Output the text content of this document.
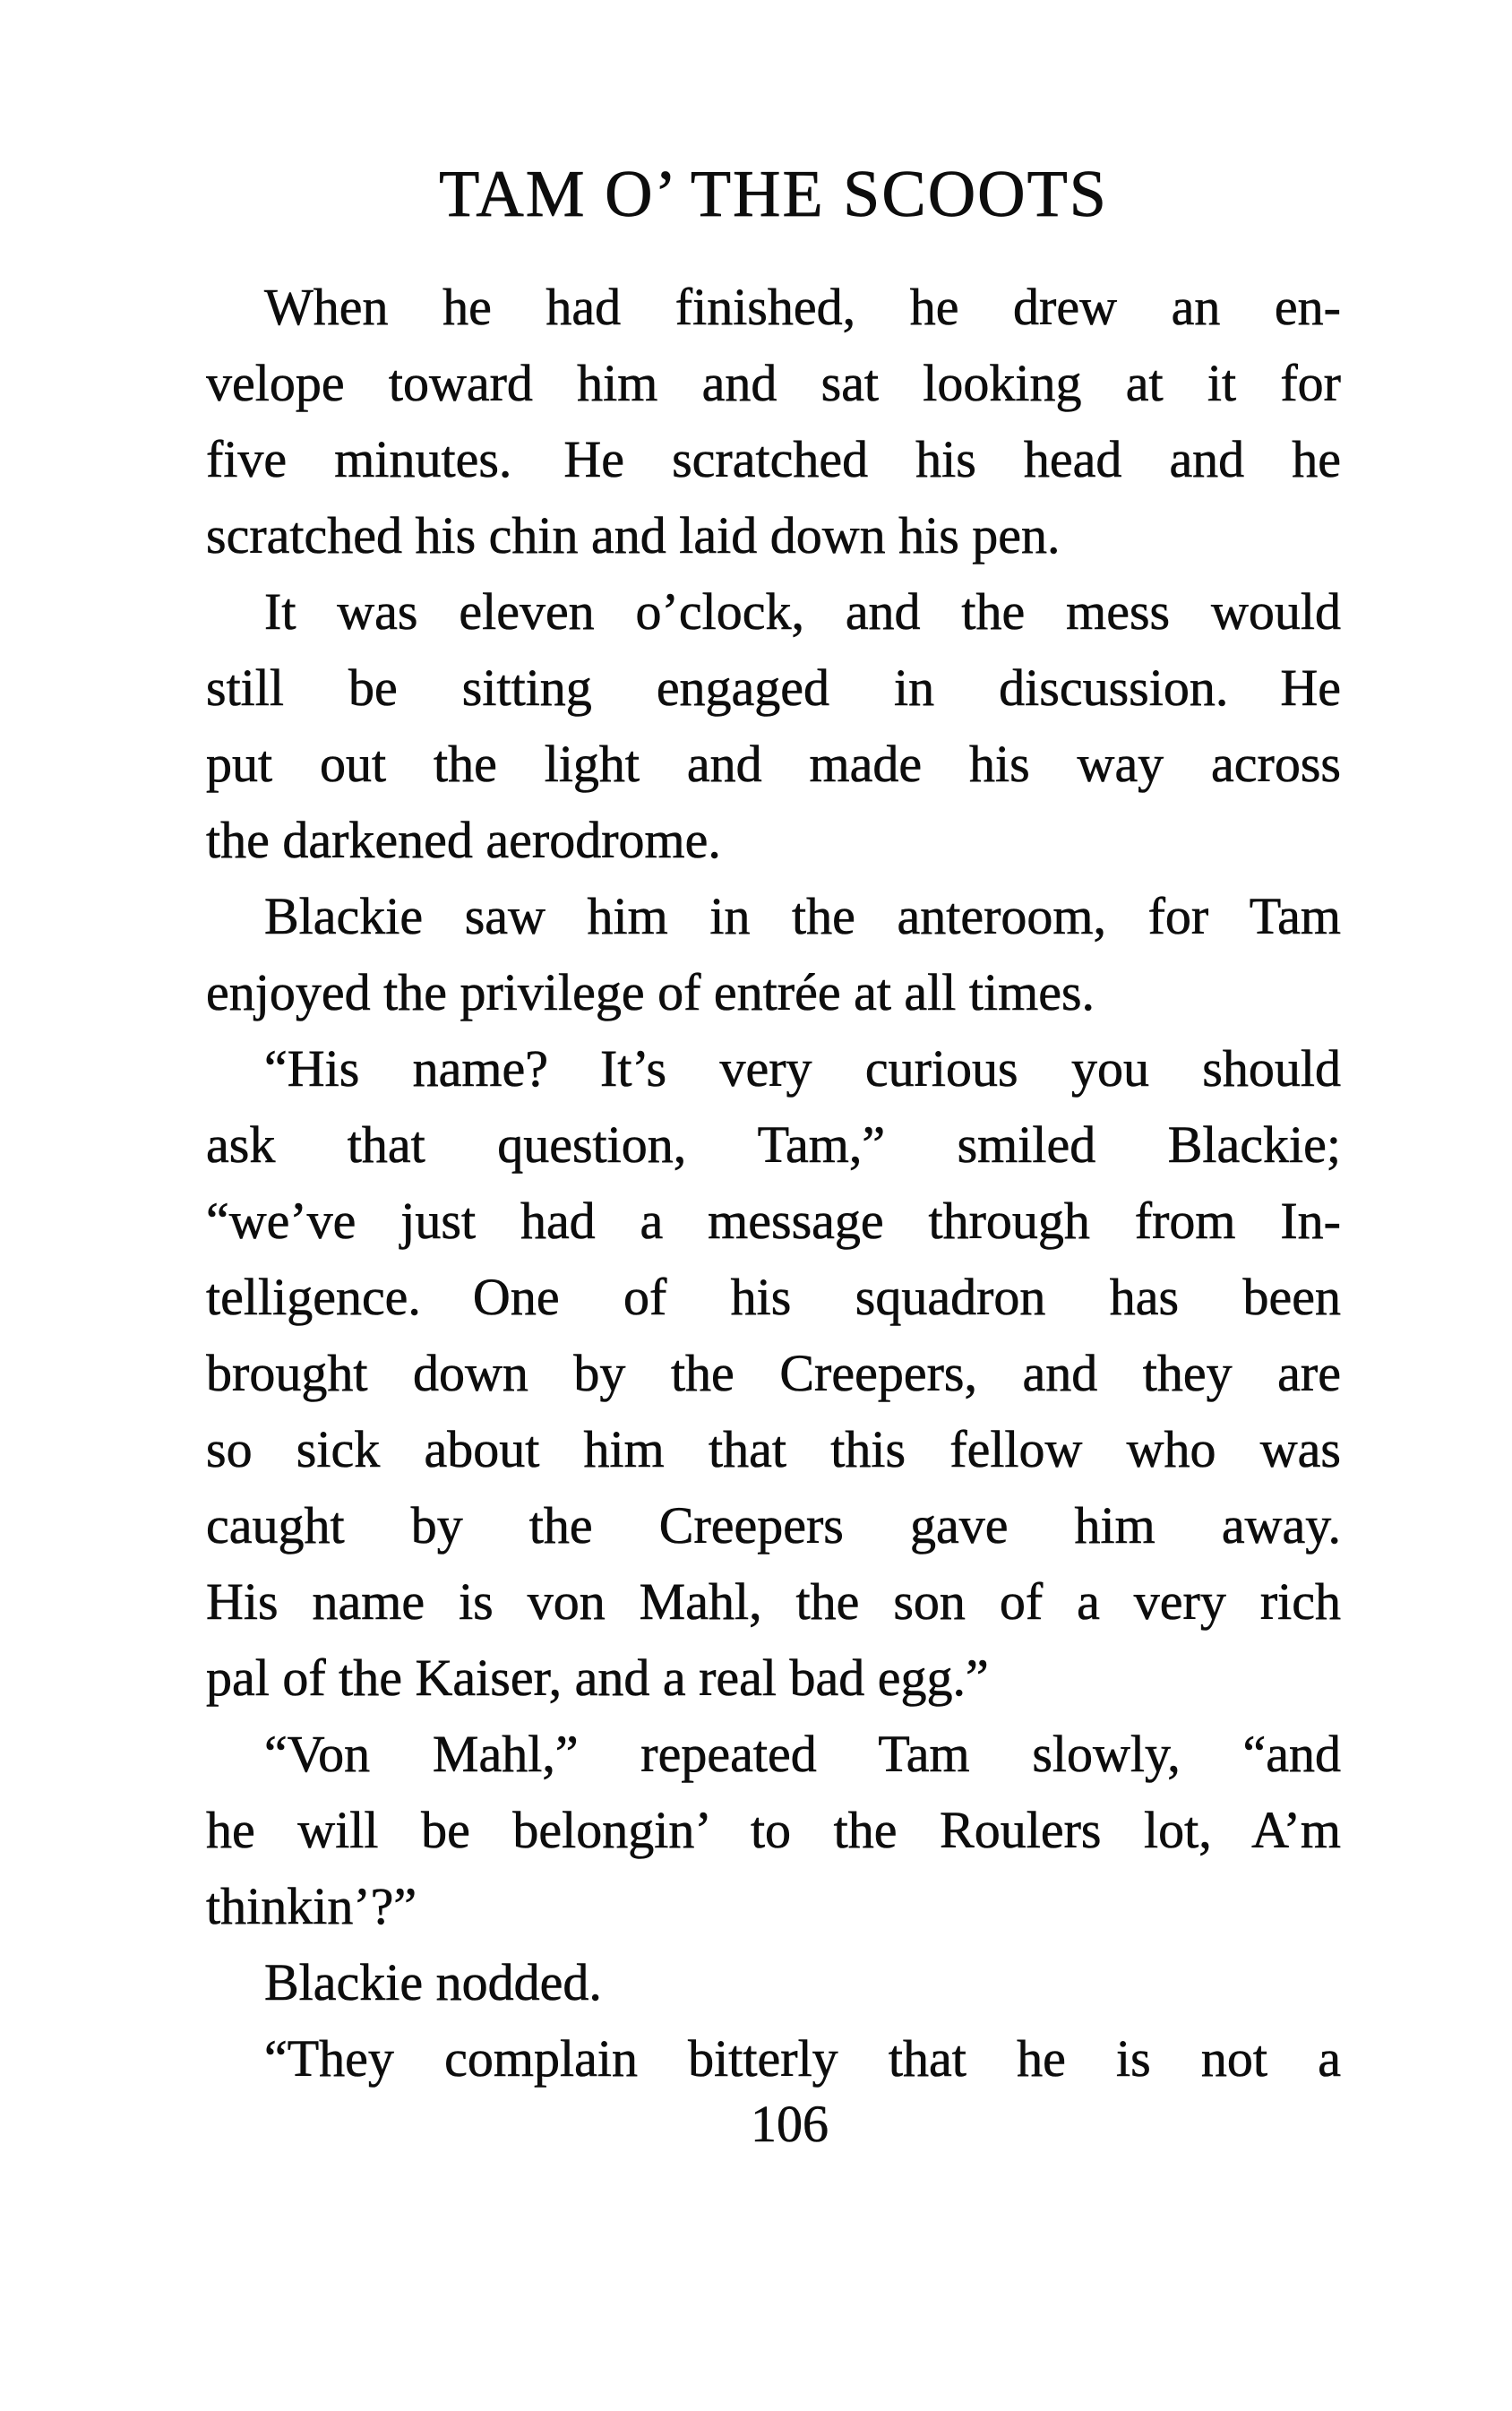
TAM O’ THE SCOOTS
When he had finished, he drew an en-
velope toward him and sat looking at it for
five minutes. He scratched his head and he
scratched his chin and laid down his pen.
It was eleven o’clock, and the mess would
still be sitting engaged in discussion. He
put out the light and made his way across
the darkened aerodrome.
Blackie saw him in the anteroom, for Tam
enjoyed the privilege of entrée at all times.
“His name? It’s very curious you should
ask that question, Tam,” smiled Blackie;
“we’ve just had a message through from In-
telligence. One of his squadron has been
brought down by the Creepers, and they are
so sick about him that this fellow who was
caught by the Creepers gave him away.
His name is von Mahl, the son of a very rich
pal of the Kaiser, and a real bad egg.”
“Von Mahl,” repeated Tam slowly, “and
he will be belongin’ to the Roulers lot, A’m
thinkin’?”
Blackie nodded.
“They complain bitterly that he is not a
106
